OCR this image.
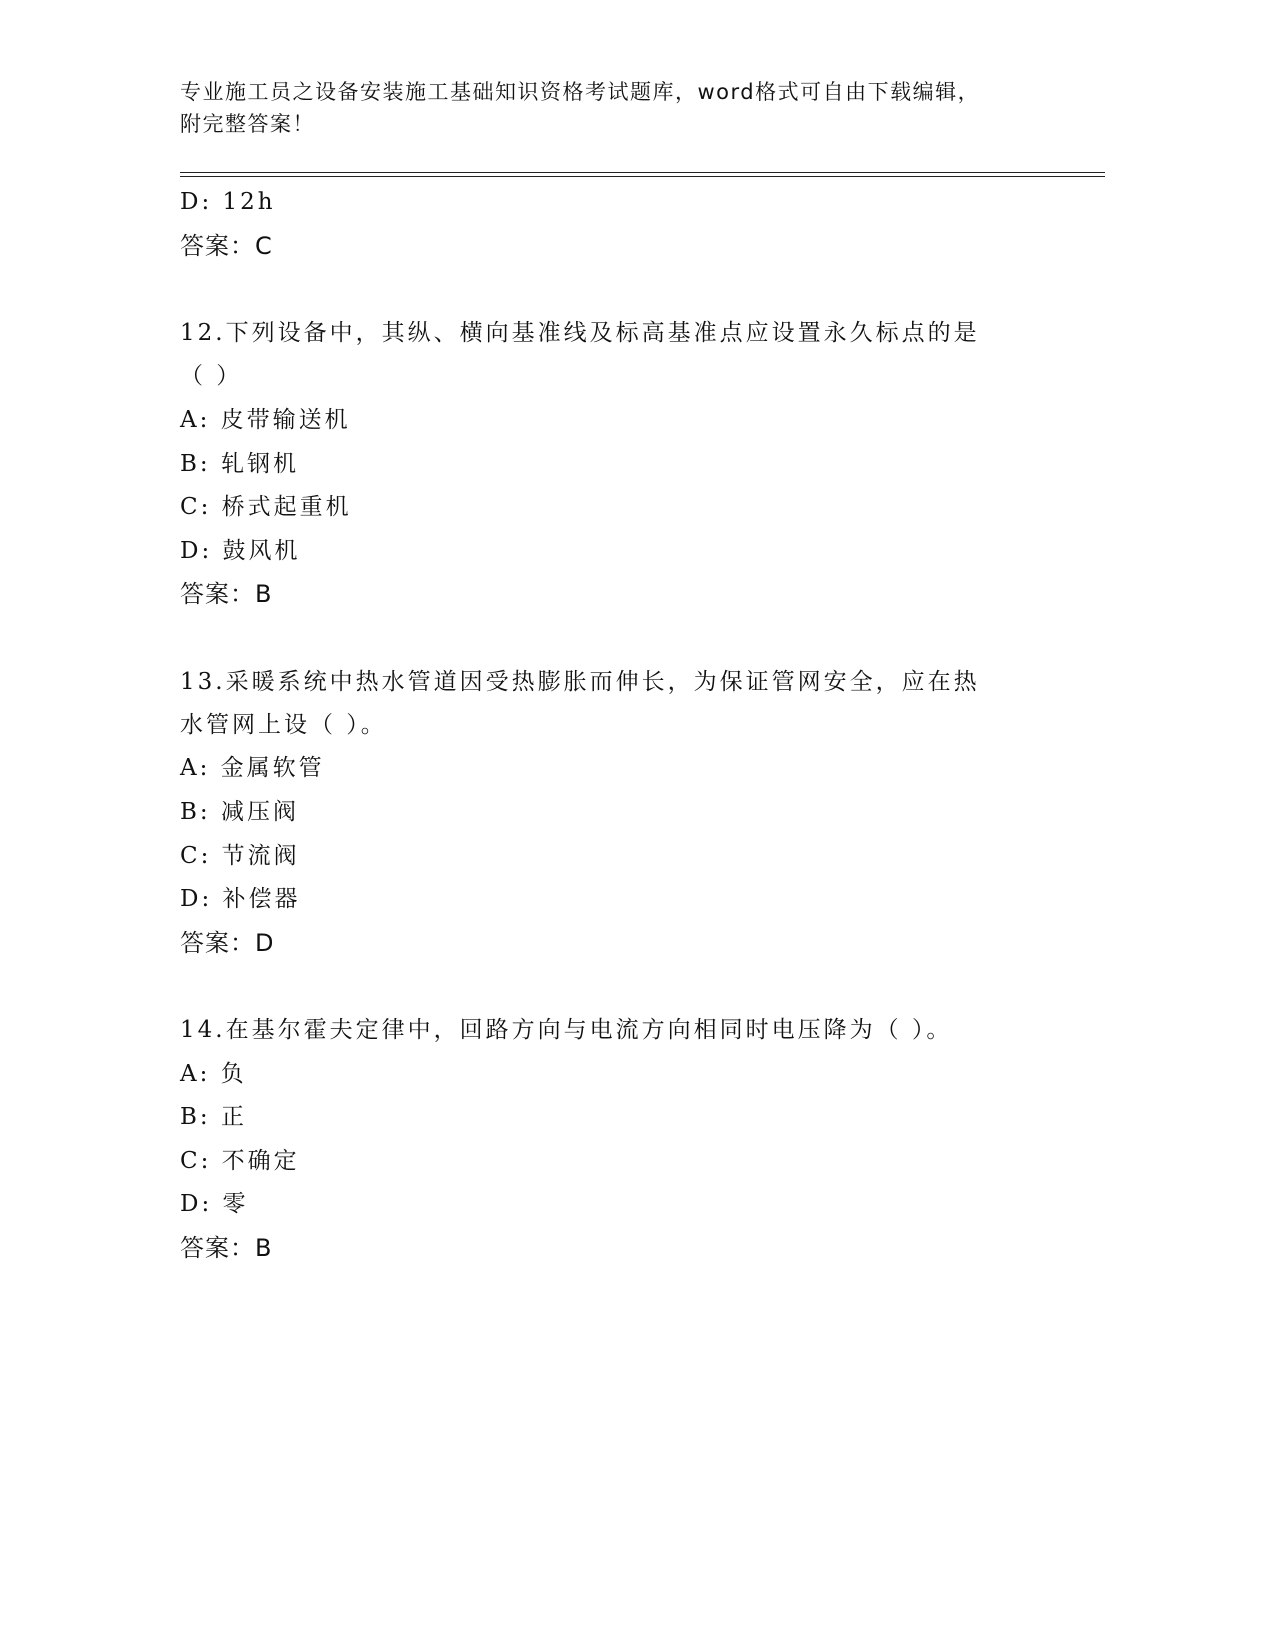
专业施工员之设备安装施工基础知识资格考试题库，word格式可自由下载编辑，
附完整答案！
D: 12h
答案：C
12.下列设备中，其纵、横向基准线及标高基准点应设置永久标点的是
（ ）
A: 皮带输送机
B: 轧钢机
C: 桥式起重机
D: 鼓风机
答案：B
13.采暖系统中热水管道因受热膨胀而伸长，为保证管网安全，应在热
水管网上设（ ）。
A: 金属软管
B: 减压阀
C: 节流阀
D: 补偿器
答案：D
14.在基尔霍夫定律中，回路方向与电流方向相同时电压降为（ ）。
A: 负
B: 正
C: 不确定
D: 零
答案：B
